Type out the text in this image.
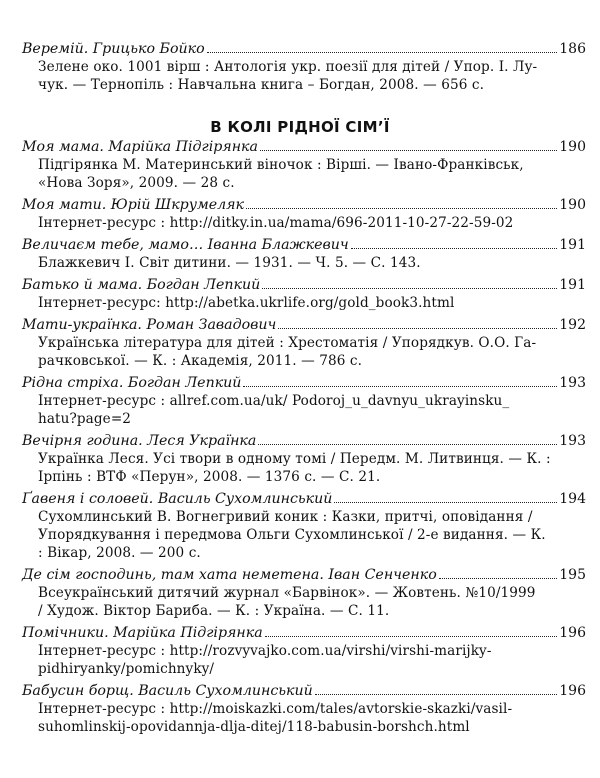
Веремій. Грицько Бойко	186
Зелене око. 1001 вірш : Антологія укр. поезії для дітей / Упор. І. Лу-
чук. — Тернопіль : Навчальна книга – Богдан, 2008. — 656 с.
В КОЛІ РІДНОЇ СІМ’Ї
Моя мама. Марійка Підгірянка	190
Підгірянка М. Материнський віночок : Вірші. — Івано-Франківськ,
«Нова Зоря», 2009. — 28 с.
Моя мати. Юрій Шкрумеляк	190
Інтернет-ресурс : http://ditky.in.ua/mama/696-2011-10-27-22-59-02
Величаєм тебе, мамо… Іванна Блажкевич	191
Блажкевич І. Світ дитини. — 1931. — Ч. 5. — С. 143.
Батько й мама. Богдан Лепкий	191
Інтернет-ресурс: http://abetka.ukrlife.org/gold_book3.html
Мати-українка. Роман Завадович	192
Українська література для дітей : Хрестоматія / Упорядкув. О.О. Га-
рачковської. — К. : Академія, 2011. — 786 с.
Рідна стріха. Богдан Лепкий	193
Інтернет-ресурс : allref.com.ua/uk/ Podoroj_u_davnyu_ukrayinsku_
hatu?page=2
Вечірня година. Леся Українка	193
Українка Леся. Усі твори в одному томі / Передм. М. Литвинця. — К. :
Ірпінь : ВТФ «Перун», 2008. — 1376 с. — С. 21.
Ґавеня і соловей. Василь Сухомлинський	194
Сухомлинський В. Вогнегривий коник : Казки, притчі, оповідання /
Упорядкування і передмова Ольги Сухомлинської / 2-е видання. — К.
: Вікар, 2008. — 200 с.
Де сім господинь, там хата неметена. Іван Сенченко	195
Всеукраїнський дитячий журнал «Барвінок». — Жовтень. №10/1999
/ Худож. Віктор Бариба. — К. : Україна. — С. 11.
Помічники. Марійка Підгірянка	196
Інтернет-ресурс : http://rozvyvajko.com.ua/virshi/virshi-marijky-
pidhiryanky/pomichnyky/
Бабусин борщ. Василь Сухомлинський	196
Інтернет-ресурс : http://moiskazki.com/tales/avtorskie-skazki/vasil-
suhomlinskij-opovidannja-dlja-ditej/118-babusin-borshch.html
